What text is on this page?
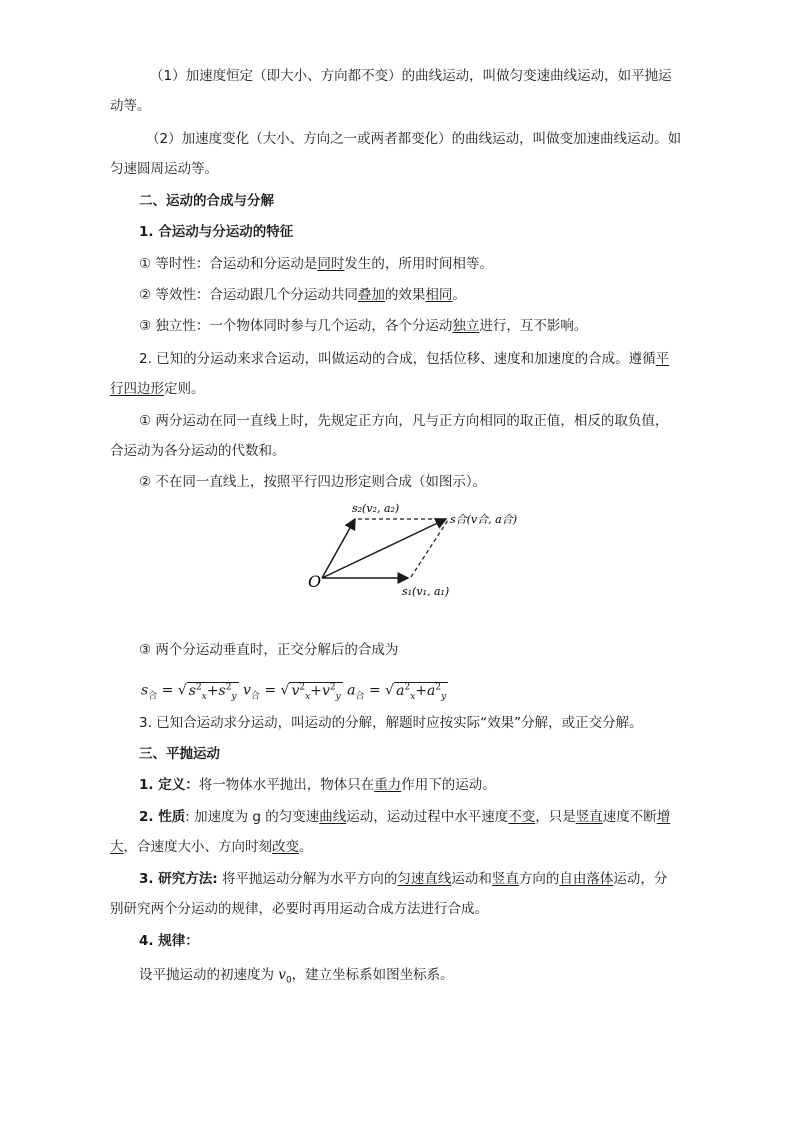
（1）加速度恒定（即大小、方向都不变）的曲线运动，叫做匀变速曲线运动，如平抛运
动等。
（2）加速度变化（大小、方向之一或两者都变化）的曲线运动，叫做变加速曲线运动。如
匀速圆周运动等。
二、运动的合成与分解
1. 合运动与分运动的特征
① 等时性：合运动和分运动是同时发生的，所用时间相等。
② 等效性：合运动跟几个分运动共同叠加的效果相同。
③ 独立性：一个物体同时参与几个运动，各个分运动独立进行，互不影响。
2. 已知的分运动来求合运动，叫做运动的合成，包括位移、速度和加速度的合成。遵循平
行四边形定则。
① 两分运动在同一直线上时，先规定正方向，凡与正方向相同的取正值，相反的取负值，
合运动为各分运动的代数和。
② 不在同一直线上，按照平行四边形定则合成（如图示）。
O
s₂(v₂, a₂)
s合(v合, a合)
s₁(v₁, a₁)
③ 两个分运动垂直时，正交分解后的合成为
$s_合$ = √ $s^2_x+s^2_y$ $v_合$ = √ $v^2_x+v^2_y$ $a_合$ = √ $a^2_x+a^2_y$
3. 已知合运动求分运动，叫运动的分解，解题时应按实际“效果”分解，或正交分解。
三、平抛运动
1. 定义：将一物体水平抛出，物体只在重力作用下的运动。
2. 性质: 加速度为 g 的匀变速曲线运动，运动过程中水平速度不变，只是竖直速度不断增
大，合速度大小、方向时刻改变。
3. 研究方法: 将平抛运动分解为水平方向的匀速直线运动和竖直方向的自由落体运动，分
别研究两个分运动的规律，必要时再用运动合成方法进行合成。
4. 规律：
设平抛运动的初速度为 $v_0$，建立坐标系如图坐标系。
